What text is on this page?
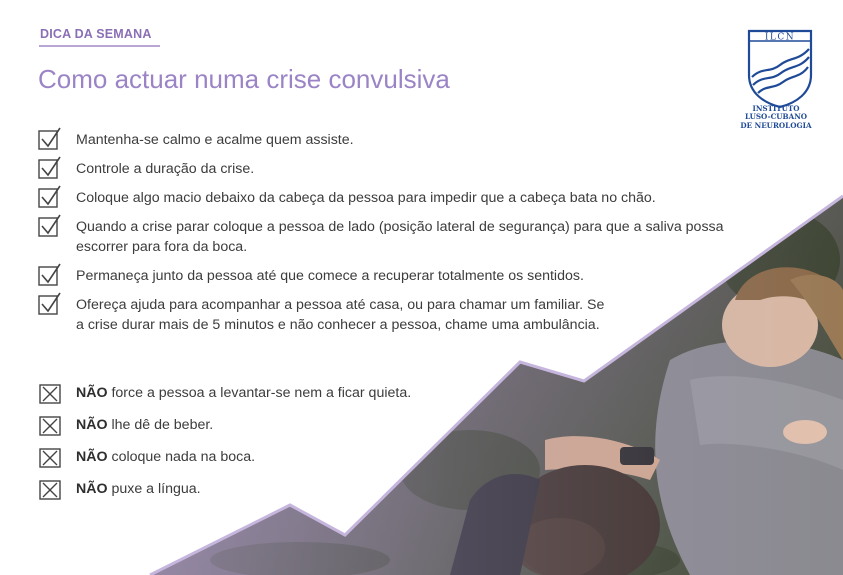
DICA DA SEMANA
Como actuar numa crise convulsiva
ILCN
INSTITUTO
LUSO-CUBANO
DE NEUROLOGIA
Mantenha-se calmo e acalme quem assiste.
Controle a duração da crise.
Coloque algo macio debaixo da cabeça da pessoa para impedir que a cabeça bata no chão.
Quando a crise parar coloque a pessoa de lado (posição lateral de segurança) para que a saliva possa escorrer para fora da boca.
Permaneça junto da pessoa até que comece a recuperar totalmente os sentidos.
Ofereça ajuda para acompanhar a pessoa até casa, ou para chamar um familiar. Se a crise durar mais de 5 minutos e não conhecer a pessoa, chame uma ambulância.
NÃO force a pessoa a levantar-se nem a ficar quieta.
NÃO lhe dê de beber.
NÃO coloque nada na boca.
NÃO puxe a língua.
